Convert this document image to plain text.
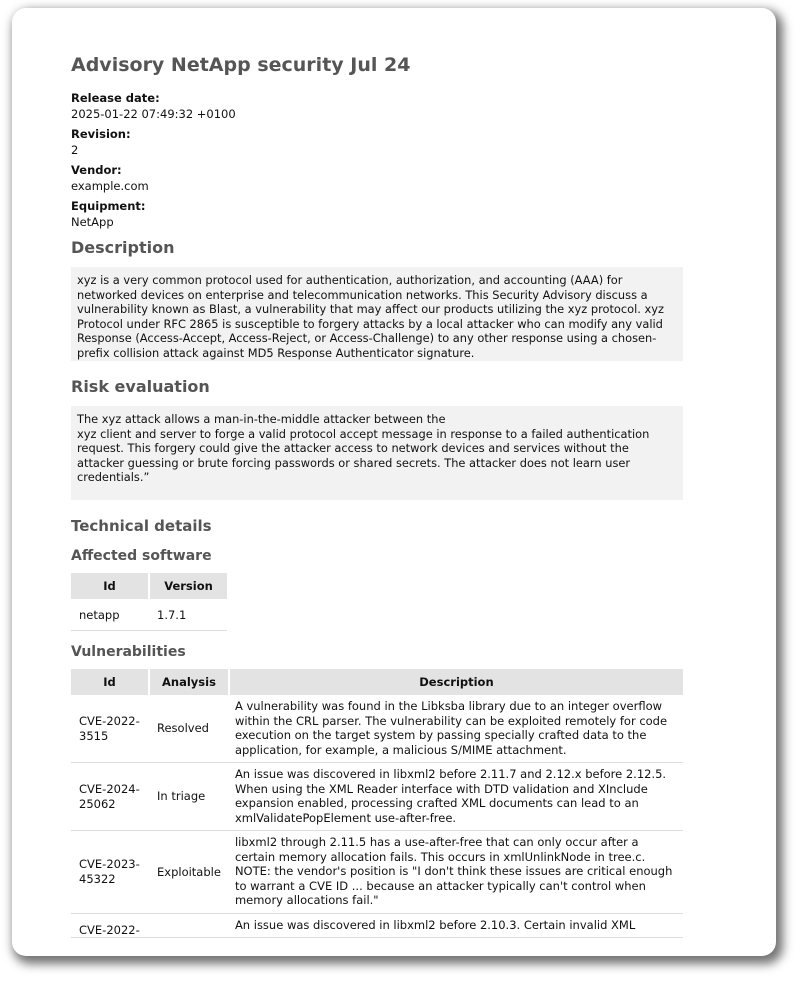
Advisory NetApp security Jul 24
Release date:
2025-01-22 07:49:32 +0100
Revision:
2
Vendor:
example.com
Equipment:
NetApp
Description

xyz is a very common protocol used for authentication, authorization, and accounting (AAA) for networked devices on enterprise and telecommunication networks. This Security Advisory discuss a vulnerability known as Blast, a vulnerability that may affect our products utilizing the xyz protocol. xyz Protocol under RFC 2865 is susceptible to forgery attacks by a local attacker who can modify any valid Response (Access-Accept, Access-Reject, or Access-Challenge) to any other response using a chosen-prefix collision attack against MD5 Response Authenticator signature.

Risk evaluation

The xyz attack allows a man-in-the-middle attacker between the

xyz client and server to forge a valid protocol accept message in response to a failed authentication request. This forgery could give the attacker access to network devices and services without the attacker guessing or brute forcing passwords or shared secrets. The attacker does not learn user credentials.”

Technical details
Affected software
Id	Version
netapp	1.7.1
Vulnerabilities
Id	Analysis	Description
CVE-2022-
3515	Resolved	A vulnerability was found in the Libksba library due to an integer overflow within the CRL parser. The vulnerability can be exploited remotely for code execution on the target system by passing specially crafted data to the application, for example, a malicious S/MIME attachment.
CVE-2024-
25062	In triage	An issue was discovered in libxml2 before 2.11.7 and 2.12.x before 2.12.5. When using the XML Reader interface with DTD validation and XInclude expansion enabled, processing crafted XML documents can lead to an xmlValidatePopElement use-after-free.
CVE-2023-
45322	Exploitable	libxml2 through 2.11.5 has a use-after-free that can only occur after a certain memory allocation fails. This occurs in xmlUnlinkNode in tree.c. NOTE: the vendor's position is "I don't think these issues are critical enough to warrant a CVE ID ... because an attacker typically can't control when memory allocations fail."
CVE-2022-		An issue was discovered in libxml2 before 2.10.3. Certain invalid XML
